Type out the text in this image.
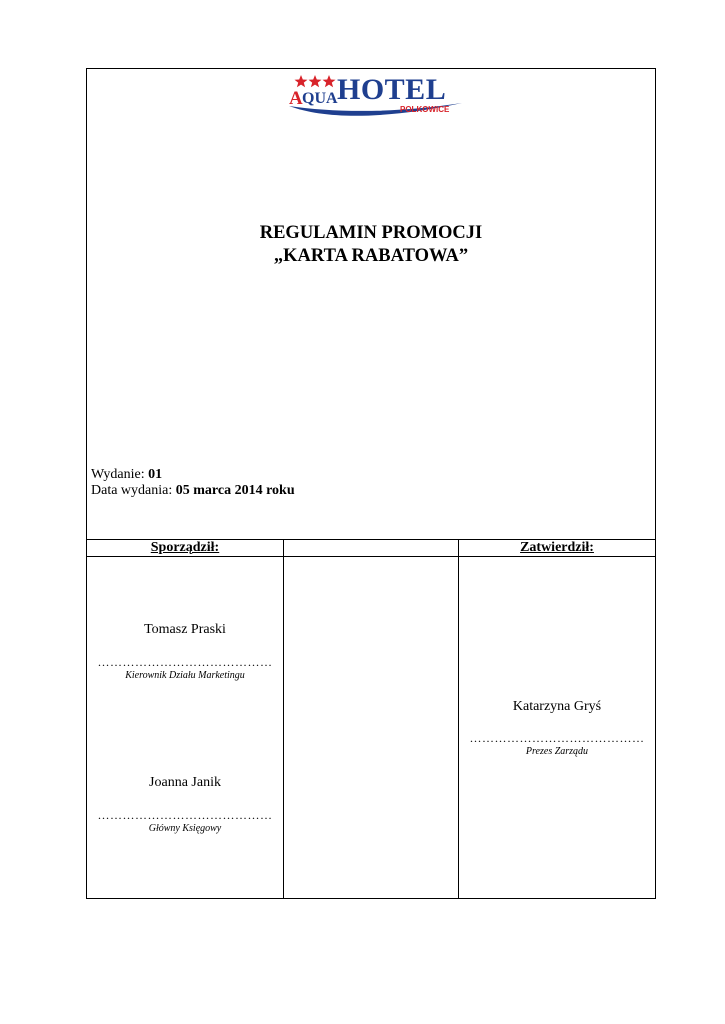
A QUA HOTEL
POLKOWICE
REGULAMIN PROMOCJI
„KARTA RABATOWA”
Wydanie: 01
Data wydania: 05 marca 2014 roku
Sporządził:	Zatwierdził:
Tomasz Praski
……………………………………
Kierownik Działu Marketingu
Joanna Janik
……………………………………
Główny Księgowy
Katarzyna Gryś
……………………………………
Prezes Zarządu
